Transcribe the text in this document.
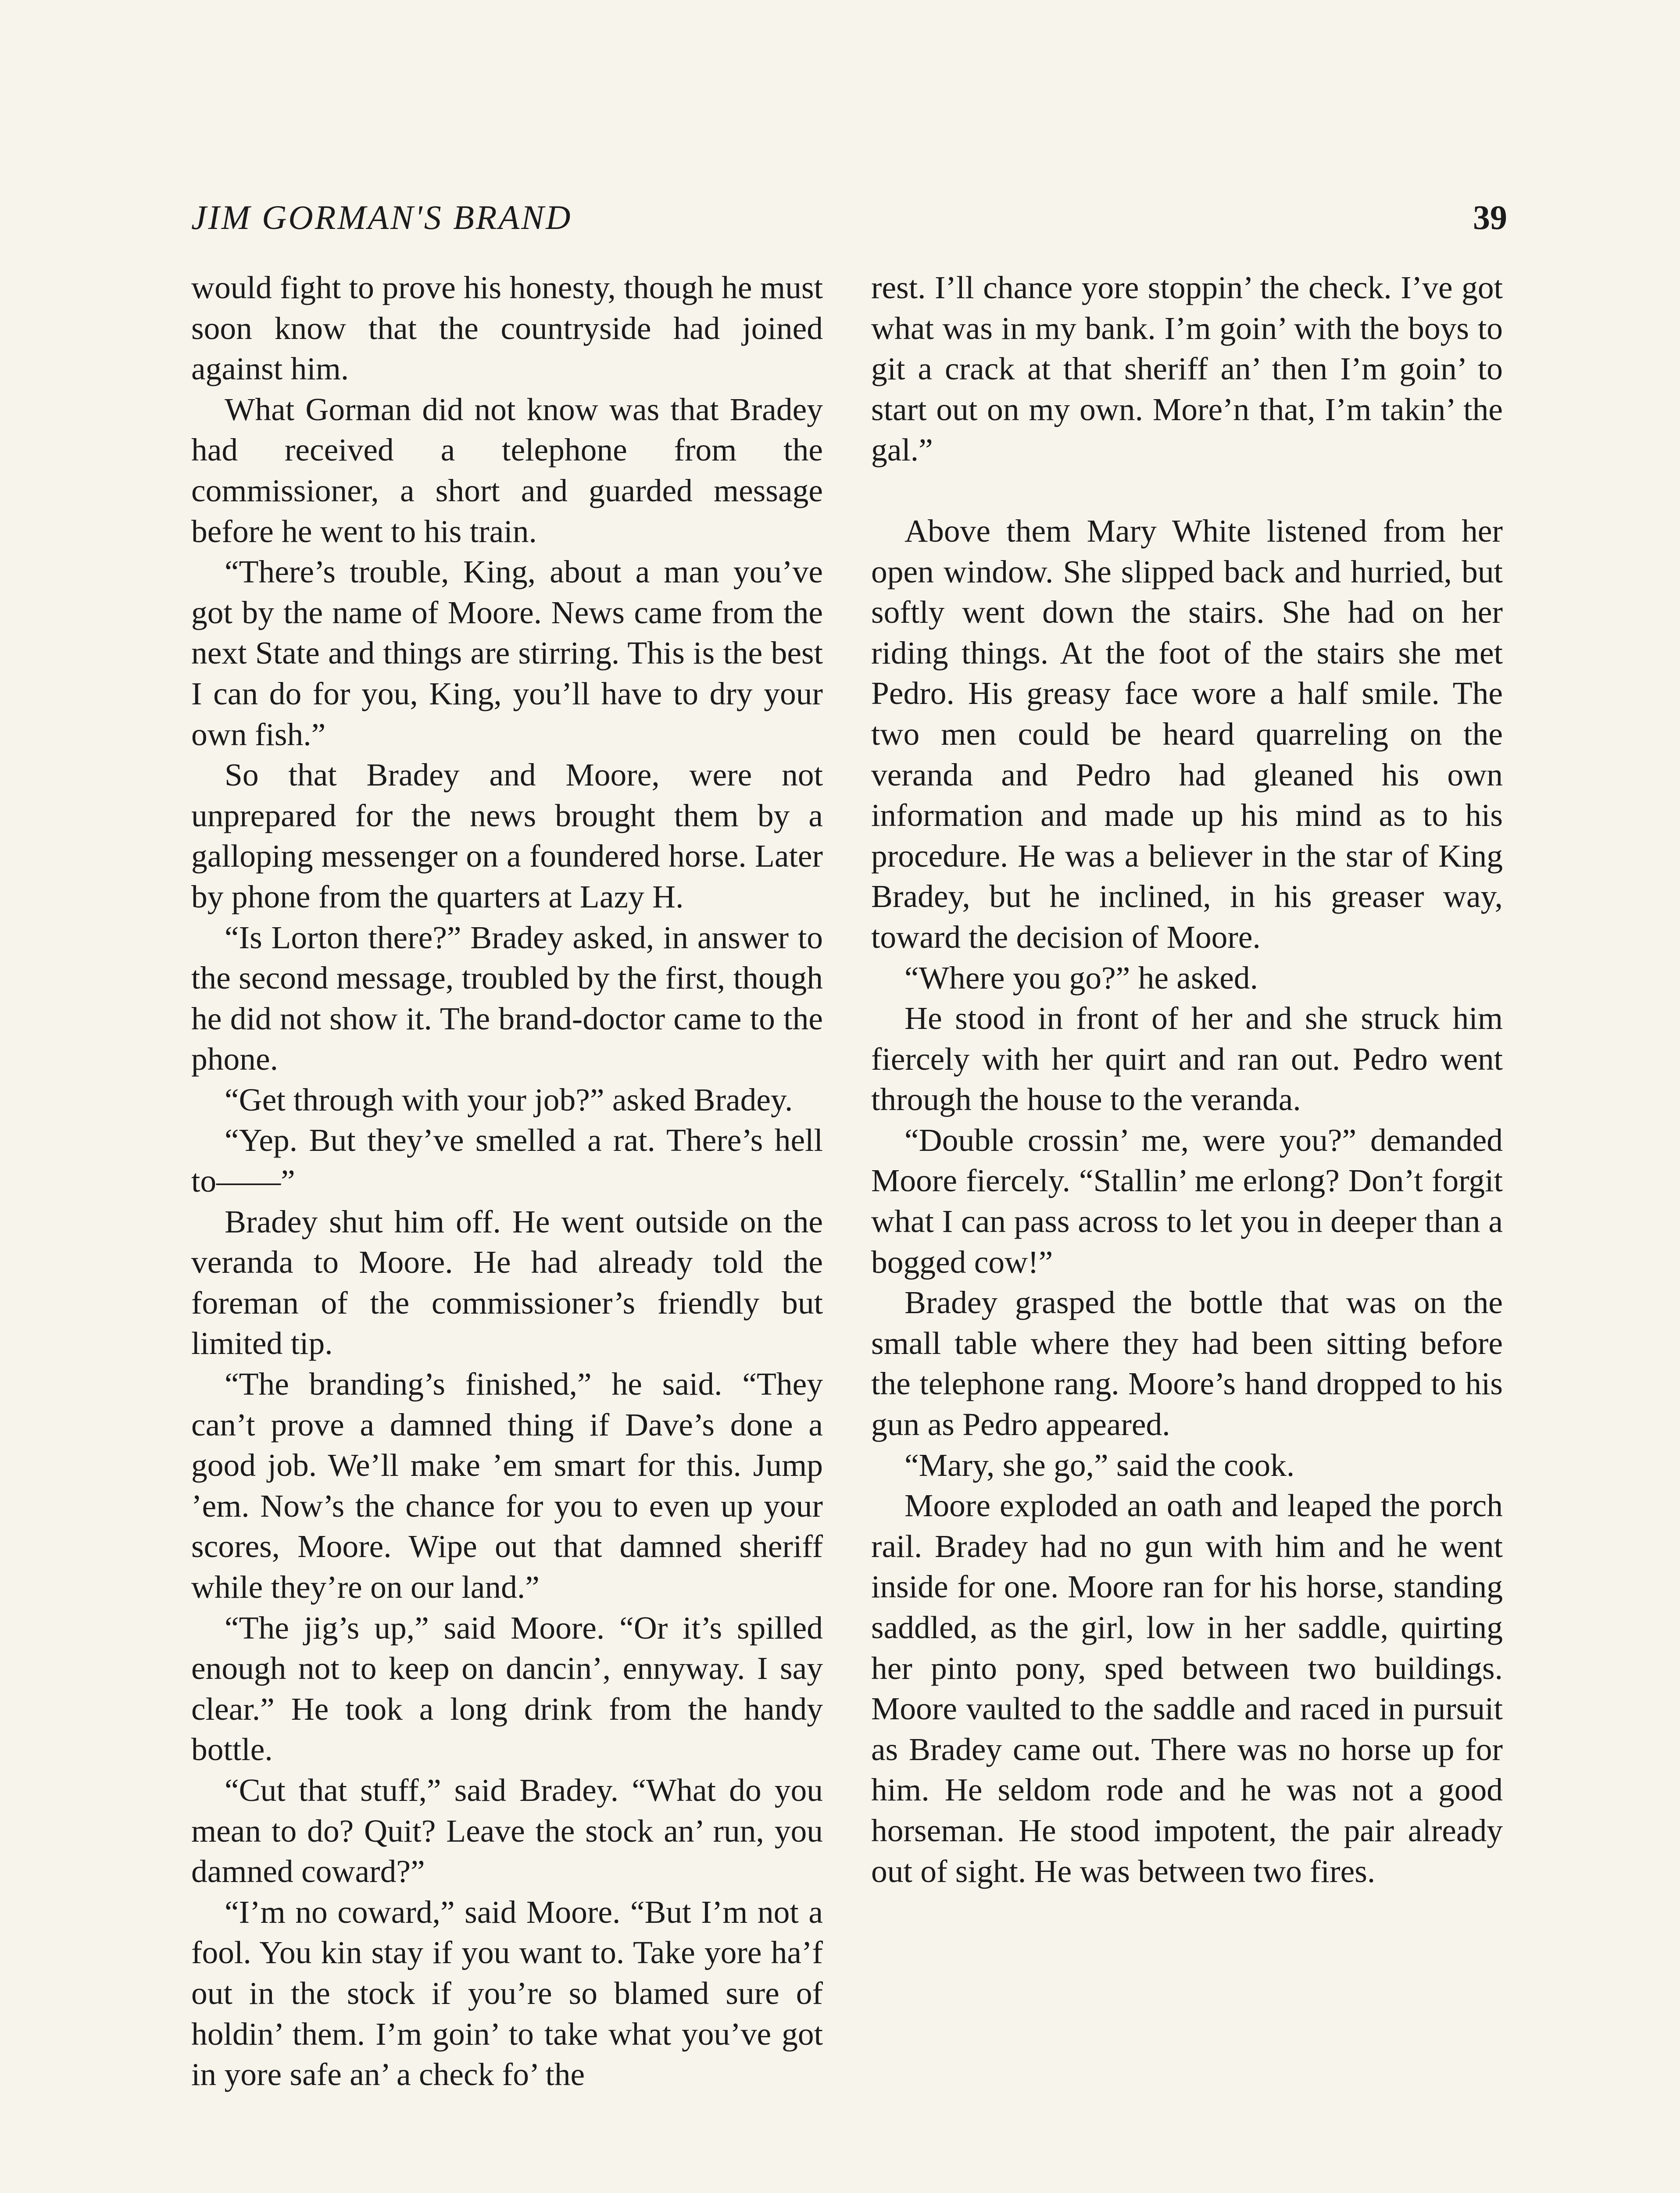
JIM GORMAN'S BRAND	39

would fight to prove his honesty, though he must soon know that the countryside had joined against him.

What Gorman did not know was that Bradey had received a telephone from the commissioner, a short and guarded message before he went to his train.

“There’s trouble, King, about a man you’ve got by the name of Moore. News came from the next State and things are stirring. This is the best I can do for you, King, you’ll have to dry your own fish.”

So that Bradey and Moore, were not unprepared for the news brought them by a galloping messenger on a foundered horse. Later by phone from the quarters at Lazy H.

“Is Lorton there?” Bradey asked, in answer to the second message, troubled by the first, though he did not show it. The brand-doctor came to the phone.

“Get through with your job?” asked Bradey.

“Yep. But they’ve smelled a rat. There’s hell to——”

Bradey shut him off. He went outside on the veranda to Moore. He had already told the foreman of the commissioner’s friendly but limited tip.

“The branding’s finished,” he said. “They can’t prove a damned thing if Dave’s done a good job. We’ll make ’em smart for this. Jump ’em. Now’s the chance for you to even up your scores, Moore. Wipe out that damned sheriff while they’re on our land.”

“The jig’s up,” said Moore. “Or it’s spilled enough not to keep on dancin’, ennyway. I say clear.” He took a long drink from the handy bottle.

“Cut that stuff,” said Bradey. “What do you mean to do? Quit? Leave the stock an’ run, you damned coward?”

“I’m no coward,” said Moore. “But I’m not a fool. You kin stay if you want to. Take yore ha’f out in the stock if you’re so blamed sure of holdin’ them. I’m goin’ to take what you’ve got in yore safe an’ a check fo’ the

rest. I’ll chance yore stoppin’ the check. I’ve got what was in my bank. I’m goin’ with the boys to git a crack at that sheriff an’ then I’m goin’ to start out on my own. More’n that, I’m takin’ the gal.”

Above them Mary White listened from her open window. She slipped back and hurried, but softly went down the stairs. She had on her riding things. At the foot of the stairs she met Pedro. His greasy face wore a half smile. The two men could be heard quarreling on the veranda and Pedro had gleaned his own information and made up his mind as to his procedure. He was a believer in the star of King Bradey, but he inclined, in his greaser way, toward the decision of Moore.

“Where you go?” he asked.

He stood in front of her and she struck him fiercely with her quirt and ran out. Pedro went through the house to the veranda.

“Double crossin’ me, were you?” demanded Moore fiercely. “Stallin’ me erlong? Don’t forgit what I can pass across to let you in deeper than a bogged cow!”

Bradey grasped the bottle that was on the small table where they had been sitting before the telephone rang. Moore’s hand dropped to his gun as Pedro appeared.

“Mary, she go,” said the cook.

Moore exploded an oath and leaped the porch rail. Bradey had no gun with him and he went inside for one. Moore ran for his horse, standing saddled, as the girl, low in her saddle, quirting her pinto pony, sped between two buildings. Moore vaulted to the saddle and raced in pursuit as Bradey came out. There was no horse up for him. He seldom rode and he was not a good horseman. He stood impotent, the pair already out of sight. He was between two fires.
